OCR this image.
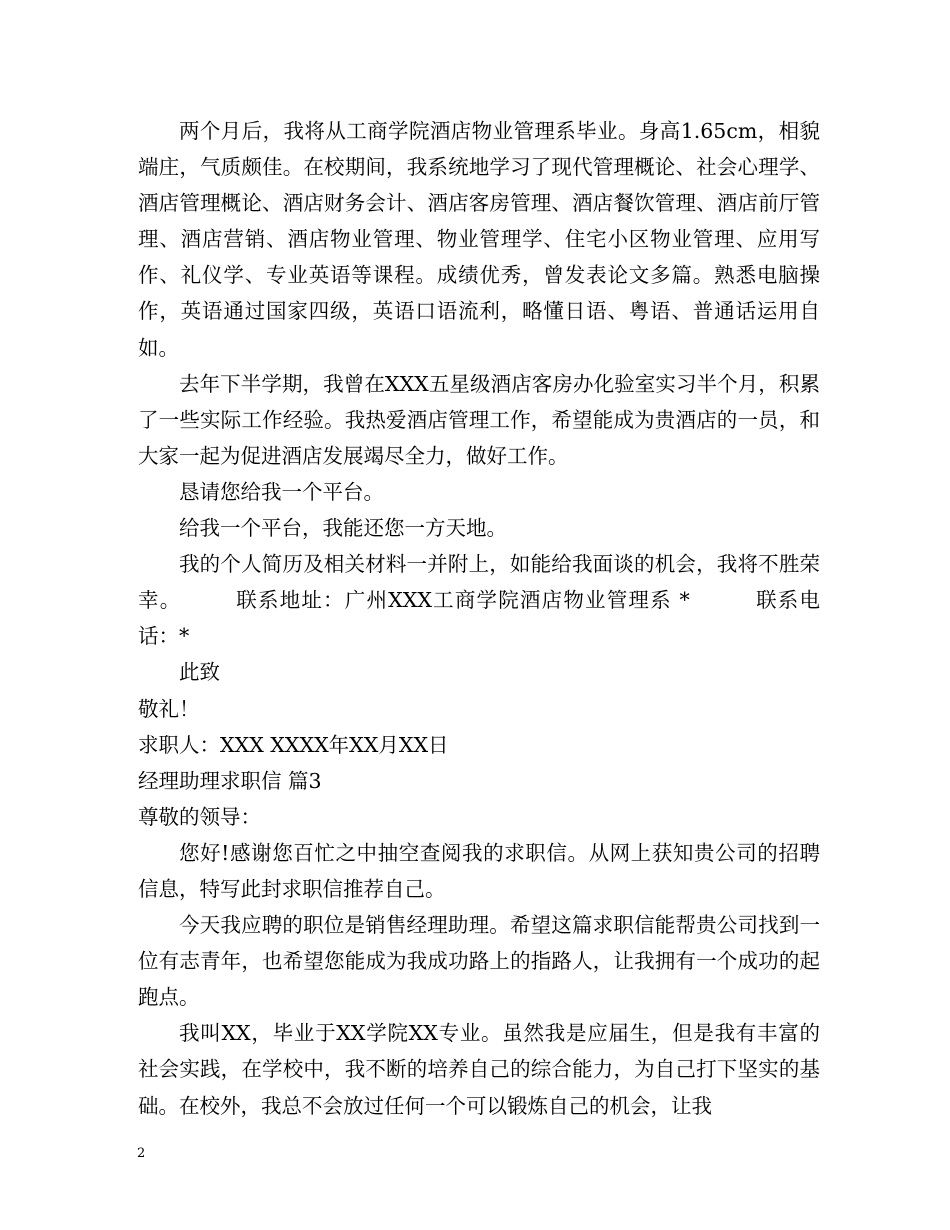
两个月后，我将从工商学院酒店物业管理系毕业。身高1.65cm，相貌端庄，气质颇佳。在校期间，我系统地学习了现代管理概论、社会心理学、酒店管理概论、酒店财务会计、酒店客房管理、酒店餐饮管理、酒店前厅管理、酒店营销、酒店物业管理、物业管理学、住宅小区物业管理、应用写作、礼仪学、专业英语等课程。成绩优秀，曾发表论文多篇。熟悉电脑操作，英语通过国家四级，英语口语流利，略懂日语、粤语、普通话运用自如。

去年下半学期，我曾在XXX五星级酒店客房办化验室实习半个月，积累了一些实际工作经验。我热爱酒店管理工作，希望能成为贵酒店的一员，和大家一起为促进酒店发展竭尽全力，做好工作。

恳请您给我一个平台。

给我一个平台，我能还您一方天地。

我的个人简历及相关材料一并附上，如能给我面谈的机会，我将不胜荣幸。　　　联系地址：广州XXX工商学院酒店物业管理系 *　　　联系电话：*

此致

敬礼！

求职人：XXX XXXX年XX月XX日

经理助理求职信 篇3

尊敬的领导：

您好!感谢您百忙之中抽空查阅我的求职信。从网上获知贵公司的招聘信息，特写此封求职信推荐自己。

今天我应聘的职位是销售经理助理。希望这篇求职信能帮贵公司找到一位有志青年，也希望您能成为我成功路上的指路人，让我拥有一个成功的起跑点。

我叫XX，毕业于XX学院XX专业。虽然我是应届生，但是我有丰富的社会实践，在学校中，我不断的培养自己的综合能力，为自己打下坚实的基础。在校外，我总不会放过任何一个可以锻炼自己的机会，让我

2
